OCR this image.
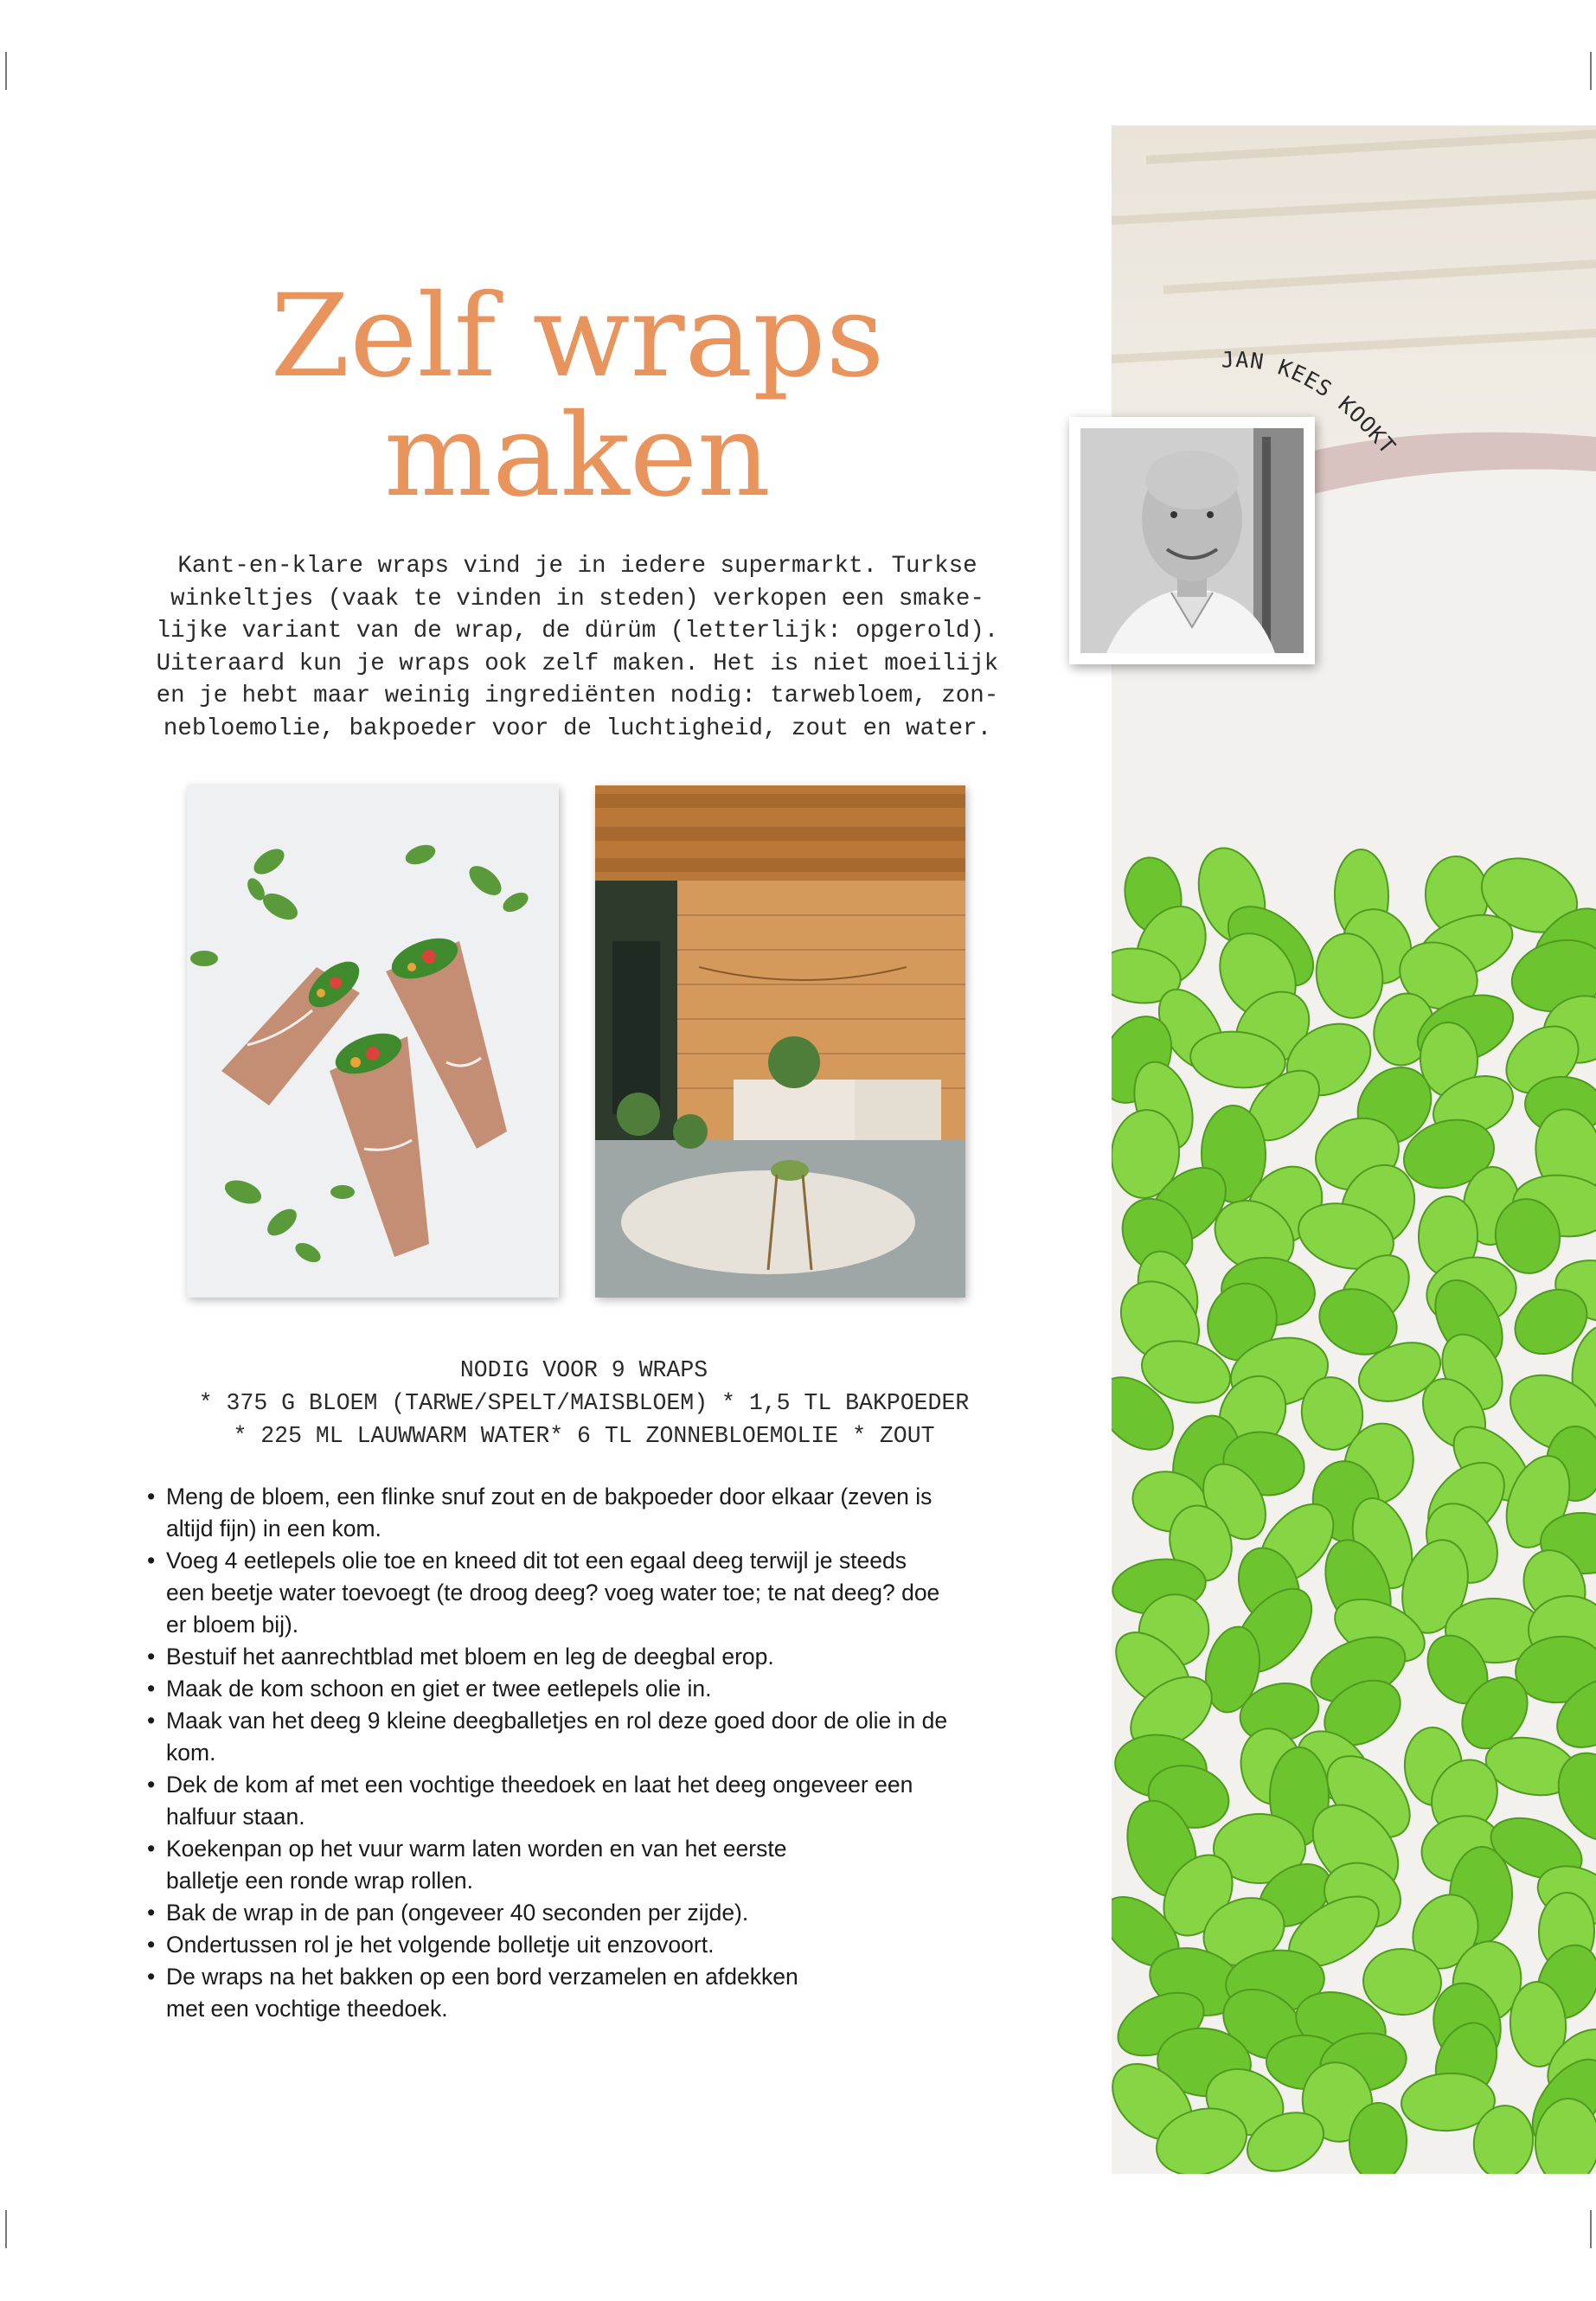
Zelf wraps
maken
Kant-en-klare wraps vind je in iedere supermarkt. Turkse
winkeltjes (vaak te vinden in steden) verkopen een smake-
lijke variant van de wrap, de dürüm (letterlijk: opgerold).
Uiteraard kun je wraps ook zelf maken. Het is niet moeilijk
en je hebt maar weinig ingrediënten nodig: tarwebloem, zon-
nebloemolie, bakpoeder voor de luchtigheid, zout en water.
NODIG VOOR 9 WRAPS
* 375 G BLOEM (TARWE/SPELT/MAISBLOEM) * 1,5 TL BAKPOEDER
* 225 ML LAUWWARM WATER* 6 TL ZONNEBLOEMOLIE * ZOUT
• Meng de bloem, een flinke snuf zout en de bakpoeder door elkaar (zeven is
altijd fijn) in een kom.
• Voeg 4 eetlepels olie toe en kneed dit tot een egaal deeg terwijl je steeds
een beetje water toevoegt (te droog deeg? voeg water toe; te nat deeg? doe
er bloem bij).
• Bestuif het aanrechtblad met bloem en leg de deegbal erop.
• Maak de kom schoon en giet er twee eetlepels olie in.
• Maak van het deeg 9 kleine deegballetjes en rol deze goed door de olie in de
kom.
• Dek de kom af met een vochtige theedoek en laat het deeg ongeveer een
halfuur staan.
• Koekenpan op het vuur warm laten worden en van het eerste
balletje een ronde wrap rollen.
• Bak de wrap in de pan (ongeveer 40 seconden per zijde).
• Ondertussen rol je het volgende bolletje uit enzovoort.
• De wraps na het bakken op een bord verzamelen en afdekken
met een vochtige theedoek.
JAN KEES KOOKT
